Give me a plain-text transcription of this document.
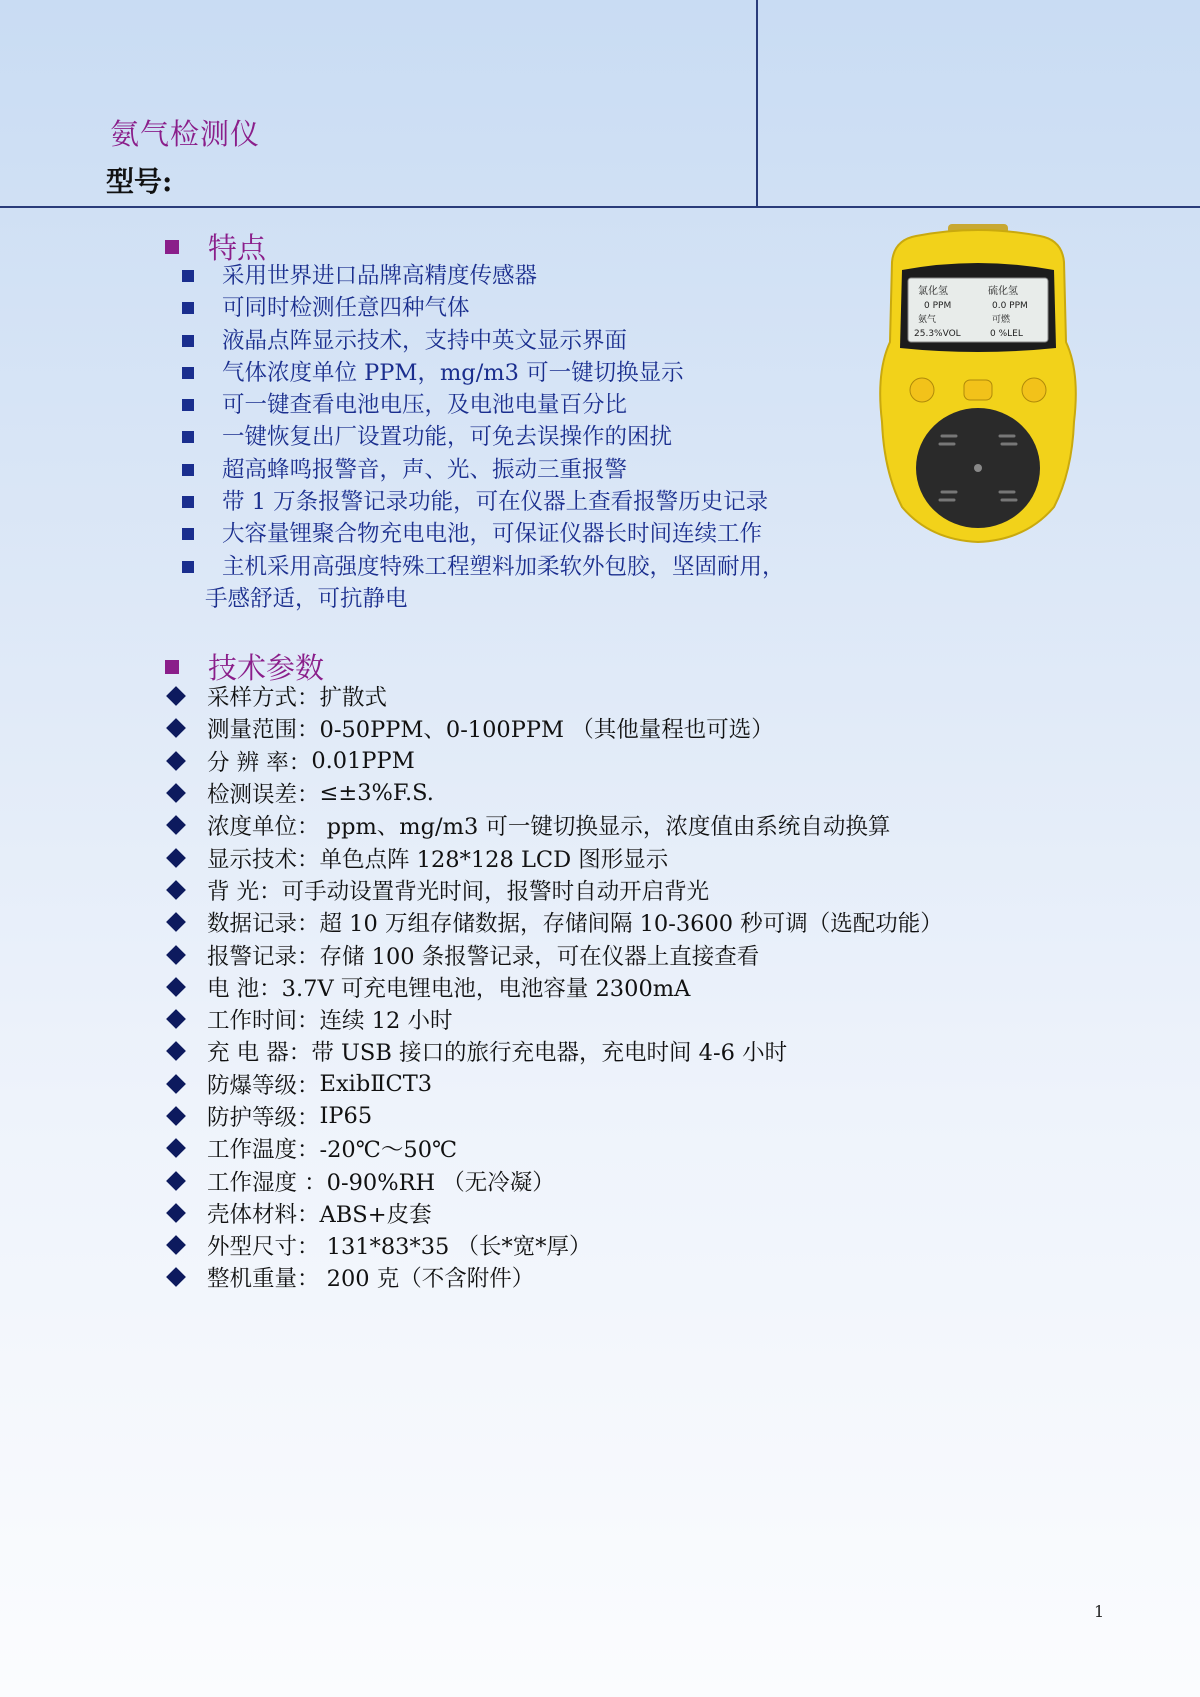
氨气检测仪
型号:
特点
采用世界进口品牌高精度传感器
可同时检测任意四种气体
液晶点阵显示技术，支持中英文显示界面
气体浓度单位 PPM，mg/m3 可一键切换显示
可一键查看电池电压，及电池电量百分比
一键恢复出厂设置功能，可免去误操作的困扰
超高蜂鸣报警音，声、光、振动三重报警
带 1 万条报警记录功能，可在仪器上查看报警历史记录
大容量锂聚合物充电电池，可保证仪器长时间连续工作
主机采用高强度特殊工程塑料加柔软外包胶，坚固耐用，
手感舒适，可抗静电
技术参数
采样方式： 扩散式
测量范围： 0-50PPM、0-100PPM （其他量程也可选）
分 辨 率： 0.01PPM
检测误差： ≤±3%F.S.
浓度单位： ppm、mg/m3 可一键切换显示，浓度值由系统自动换算
显示技术： 单色点阵 128*128 LCD 图形显示
背 光： 可手动设置背光时间，报警时自动开启背光
数据记录： 超 10 万组存储数据，存储间隔 10-3600 秒可调（选配功能）
报警记录： 存储 100 条报警记录，可在仪器上直接查看
电 池： 3.7V 可充电锂电池，电池容量 2300mA
工作时间： 连续 12 小时
充 电 器： 带 USB 接口的旅行充电器，充电时间 4-6 小时
防爆等级： ExibⅡCT3
防护等级： IP65
工作温度： -20℃～50℃
工作湿度 ： 0-90%RH （无冷凝）
壳体材料： ABS+皮套
外型尺寸： 131*83*35 （长*宽*厚）
整机重量： 200 克（不含附件）
氯化氢	硫化氢
0 PPM	0.0 PPM
氨气	可燃
25.3%VOL	0 %LEL
1
